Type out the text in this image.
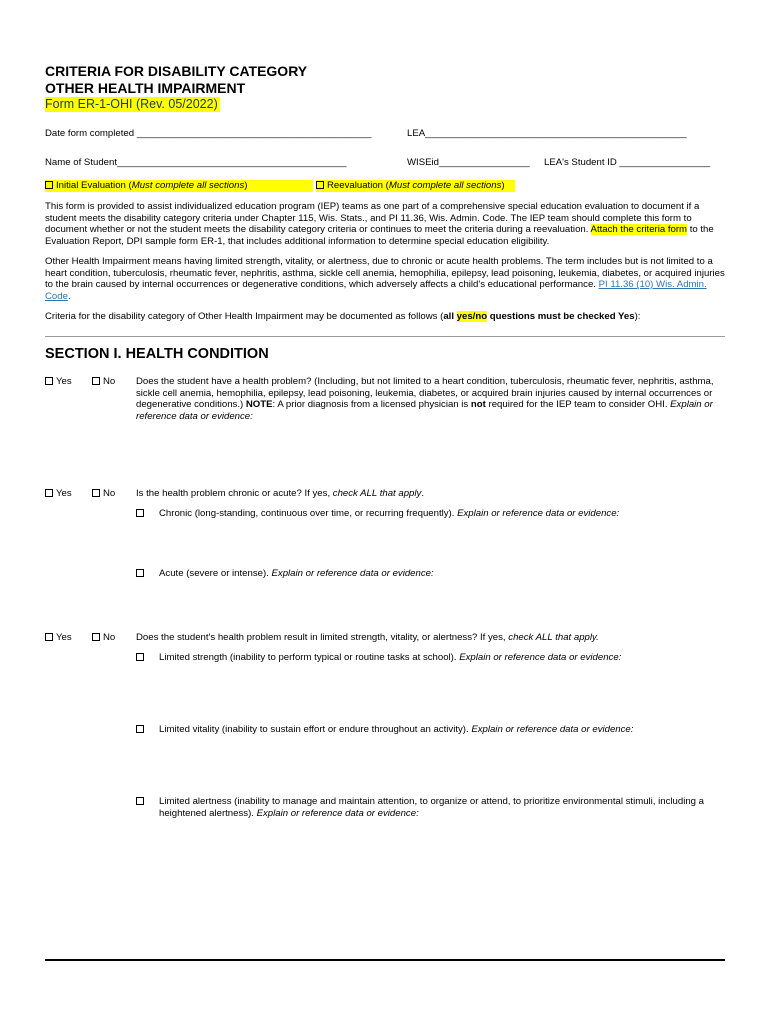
CRITERIA FOR DISABILITY CATEGORY
OTHER HEALTH IMPAIRMENT
Form ER-1-OHI (Rev. 05/2022)
Date form completed ____________________________________________	LEA_________________________________________________
Name of Student___________________________________________	WISEid_________________ LEA's Student ID _________________
Initial Evaluation (Must complete all sections)	Reevaluation (Must complete all sections)
This form is provided to assist individualized education program (IEP) teams as one part of a comprehensive special education evaluation to document if a student meets the disability category criteria under Chapter 115, Wis. Stats., and PI 11.36, Wis. Admin. Code. The IEP team should complete this form to document whether or not the student meets the disability category criteria or continues to meet the criteria during a reevaluation. Attach the criteria form to the Evaluation Report, DPI sample form ER-1, that includes additional information to determine special education eligibility.
Other Health Impairment means having limited strength, vitality, or alertness, due to chronic or acute health problems. The term includes but is not limited to a heart condition, tuberculosis, rheumatic fever, nephritis, asthma, sickle cell anemia, hemophilia, epilepsy, lead poisoning, leukemia, diabetes, or acquired injuries to the brain caused by internal occurrences or degenerative conditions, which adversely affects a child's educational performance. PI 11.36 (10) Wis. Admin. Code.
Criteria for the disability category of Other Health Impairment may be documented as follows (all yes/no questions must be checked Yes):
SECTION I. HEALTH CONDITION
Yes	No Does the student have a health problem? (Including, but not limited to a heart condition, tuberculosis, rheumatic fever, nephritis, asthma, sickle cell anemia, hemophilia, epilepsy, lead poisoning, leukemia, diabetes, or acquired brain injuries caused by internal occurrences or degenerative conditions.) NOTE: A prior diagnosis from a licensed physician is not required for the IEP team to consider OHI. Explain or reference data or evidence:
Yes	No Is the health problem chronic or acute? If yes, check ALL that apply.
Chronic (long-standing, continuous over time, or recurring frequently). Explain or reference data or evidence:
Acute (severe or intense). Explain or reference data or evidence:
Yes	No Does the student's health problem result in limited strength, vitality, or alertness? If yes, check ALL that apply.
Limited strength (inability to perform typical or routine tasks at school). Explain or reference data or evidence:
Limited vitality (inability to sustain effort or endure throughout an activity). Explain or reference data or evidence:
Limited alertness (inability to manage and maintain attention, to organize or attend, to prioritize environmental stimuli, including a heightened alertness). Explain or reference data or evidence:
